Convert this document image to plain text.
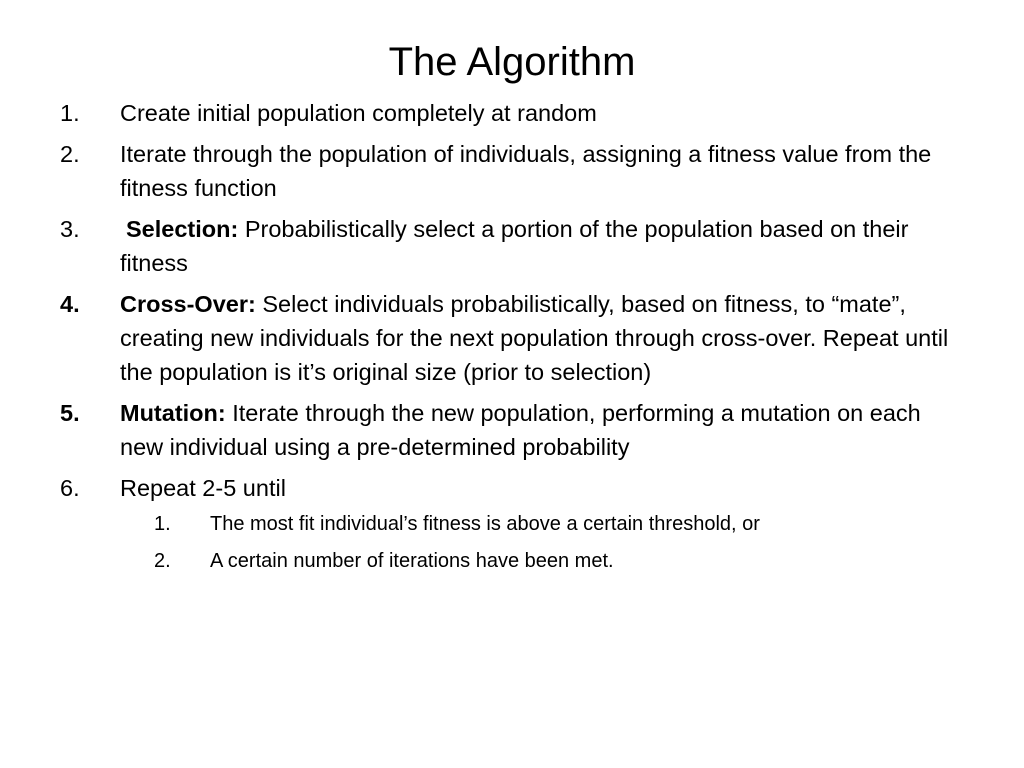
The Algorithm
1.	Create initial population completely at random
2.	Iterate through the population of individuals, assigning a fitness value from the fitness function
3.	Selection: Probabilistically select a portion of the population based on their fitness
4.	Cross-Over: Select individuals probabilistically, based on fitness, to “mate”, creating new individuals for the next population through cross-over. Repeat until the population is it’s original size (prior to selection)
5.	Mutation: Iterate through the new population, performing a mutation on each new individual using a pre-determined probability
6.	Repeat 2-5 until
1. The most fit individual’s fitness is above a certain threshold, or
2. A certain number of iterations have been met.
